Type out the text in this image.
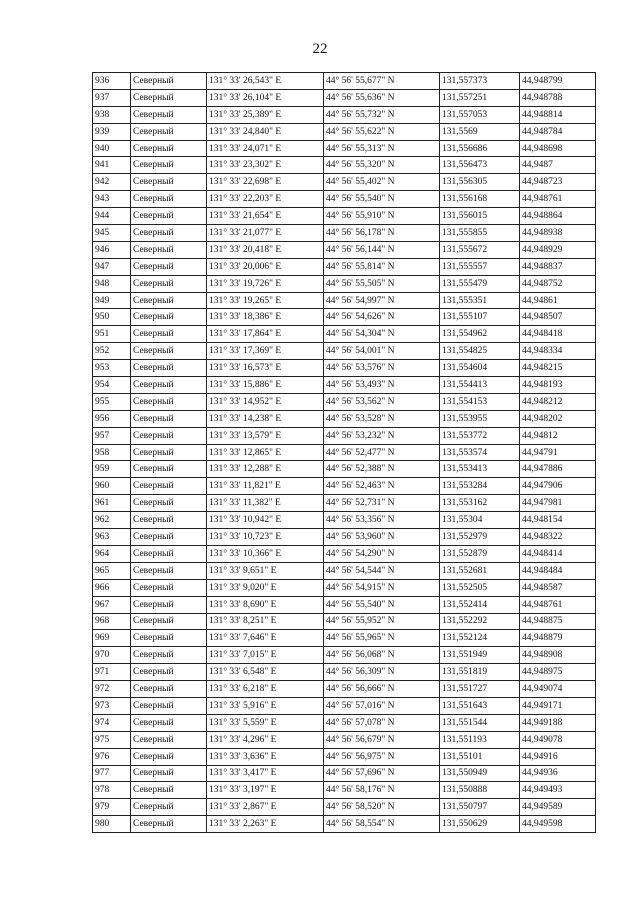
22
936	Северный	131° 33' 26,543" E	44° 56' 55,677" N	131,557373	44,948799
937	Северный	131° 33' 26,104" E	44° 56' 55,636" N	131,557251	44,948788
938	Северный	131° 33' 25,389" E	44° 56' 55,732" N	131,557053	44,948814
939	Северный	131° 33' 24,840" E	44° 56' 55,622" N	131,5569	44,948784
940	Северный	131° 33' 24,071" E	44° 56' 55,313" N	131,556686	44,948698
941	Северный	131° 33' 23,302" E	44° 56' 55,320" N	131,556473	44,9487
942	Северный	131° 33' 22,698" E	44° 56' 55,402" N	131,556305	44,948723
943	Северный	131° 33' 22,203" E	44° 56' 55,540" N	131,556168	44,948761
944	Северный	131° 33' 21,654" E	44° 56' 55,910" N	131,556015	44,948864
945	Северный	131° 33' 21,077" E	44° 56' 56,178" N	131,555855	44,948938
946	Северный	131° 33' 20,418" E	44° 56' 56,144" N	131,555672	44,948929
947	Северный	131° 33' 20,006" E	44° 56' 55,814" N	131,555557	44,948837
948	Северный	131° 33' 19,726" E	44° 56' 55,505" N	131,555479	44,948752
949	Северный	131° 33' 19,265" E	44° 56' 54,997" N	131,555351	44,94861
950	Северный	131° 33' 18,386" E	44° 56' 54,626" N	131,555107	44,948507
951	Северный	131° 33' 17,864" E	44° 56' 54,304" N	131,554962	44,948418
952	Северный	131° 33' 17,369" E	44° 56' 54,001" N	131,554825	44,948334
953	Северный	131° 33' 16,573" E	44° 56' 53,576" N	131,554604	44,948215
954	Северный	131° 33' 15,886" E	44° 56' 53,493" N	131,554413	44,948193
955	Северный	131° 33' 14,952" E	44° 56' 53,562" N	131,554153	44,948212
956	Северный	131° 33' 14,238" E	44° 56' 53,528" N	131,553955	44,948202
957	Северный	131° 33' 13,579" E	44° 56' 53,232" N	131,553772	44,94812
958	Северный	131° 33' 12,865" E	44° 56' 52,477" N	131,553574	44,94791
959	Северный	131° 33' 12,288" E	44° 56' 52,388" N	131,553413	44,947886
960	Северный	131° 33' 11,821" E	44° 56' 52,463" N	131,553284	44,947906
961	Северный	131° 33' 11,382" E	44° 56' 52,731" N	131,553162	44,947981
962	Северный	131° 33' 10,942" E	44° 56' 53,356" N	131,55304	44,948154
963	Северный	131° 33' 10,723" E	44° 56' 53,960" N	131,552979	44,948322
964	Северный	131° 33' 10,366" E	44° 56' 54,290" N	131,552879	44,948414
965	Северный	131° 33' 9,651" E	44° 56' 54,544" N	131,552681	44,948484
966	Северный	131° 33' 9,020" E	44° 56' 54,915" N	131,552505	44,948587
967	Северный	131° 33' 8,690" E	44° 56' 55,540" N	131,552414	44,948761
968	Северный	131° 33' 8,251" E	44° 56' 55,952" N	131,552292	44,948875
969	Северный	131° 33' 7,646" E	44° 56' 55,965" N	131,552124	44,948879
970	Северный	131° 33' 7,015" E	44° 56' 56,068" N	131,551949	44,948908
971	Северный	131° 33' 6,548" E	44° 56' 56,309" N	131,551819	44,948975
972	Северный	131° 33' 6,218" E	44° 56' 56,666" N	131,551727	44,949074
973	Северный	131° 33' 5,916" E	44° 56' 57,016" N	131,551643	44,949171
974	Северный	131° 33' 5,559" E	44° 56' 57,078" N	131,551544	44,949188
975	Северный	131° 33' 4,296" E	44° 56' 56,679" N	131,551193	44,949078
976	Северный	131° 33' 3,636" E	44° 56' 56,975" N	131,55101	44,94916
977	Северный	131° 33' 3,417" E	44° 56' 57,696" N	131,550949	44,94936
978	Северный	131° 33' 3,197" E	44° 56' 58,176" N	131,550888	44,949493
979	Северный	131° 33' 2,867" E	44° 56' 58,520" N	131,550797	44,949589
980	Северный	131° 33' 2,263" E	44° 56' 58,554" N	131,550629	44,949598
